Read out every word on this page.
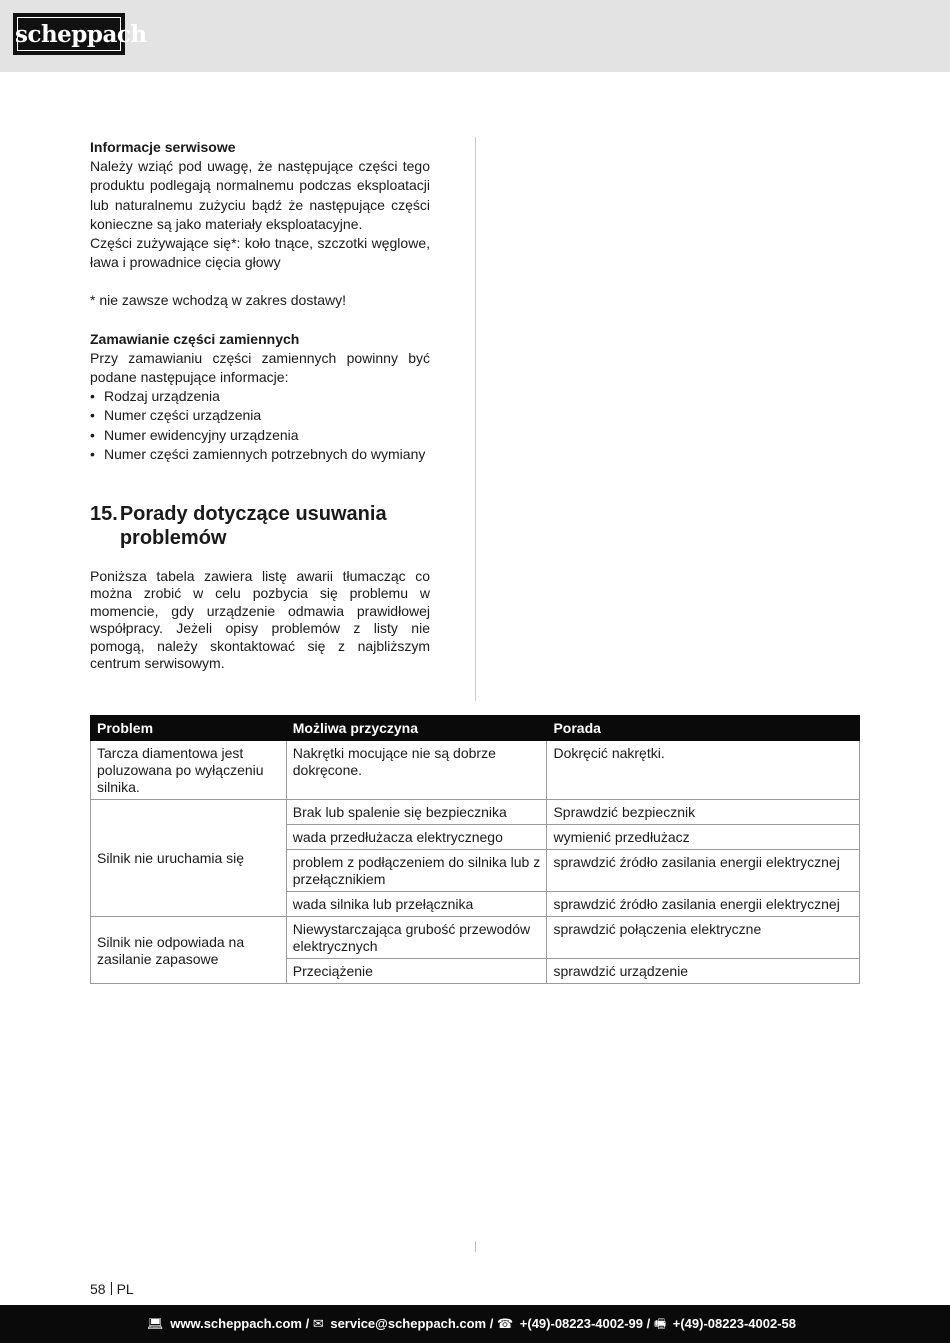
scheppach

Informacje serwisowe

Należy wziąć pod uwagę, że następujące części tego produktu podlegają normalnemu podczas eksploatacji lub naturalnemu zużyciu bądź że następujące części konieczne są jako materiały eksploatacyjne.

Części zużywające się*: koło tnące, szczotki węglowe, ława i prowadnice cięcia głowy

* nie zawsze wchodzą w zakres dostawy!

Zamawianie części zamiennych

Przy zamawianiu części zamiennych powinny być podane następujące informacje:

• Rodzaj urządzenia
• Numer części urządzenia
• Numer ewidencyjny urządzenia
• Numer części zamiennych potrzebnych do wymiany
15. Porady dotyczące usuwania problemów

Poniższa tabela zawiera listę awarii tłumacząc co można zrobić w celu pozbycia się problemu w momencie, gdy urządzenie odmawia prawidłowej współpracy. Jeżeli opisy problemów z listy nie pomogą, należy skontaktować się z najbliższym centrum serwisowym.

Problem	Możliwa przyczyna	Porada
Tarcza diamentowa jest poluzowana po wyłączeniu silnika.	Nakrętki mocujące nie są dobrze dokręcone.	Dokręcić nakrętki.
Silnik nie uruchamia się	Brak lub spalenie się bezpiecznika	Sprawdzić bezpiecznik
	wada przedłużacza elektrycznego	wymienić przedłużacz
	problem z podłączeniem do silnika lub z przełącznikiem	sprawdzić źródło zasilania energii elektrycznej
	wada silnika lub przełącznika	sprawdzić źródło zasilania energii elektrycznej
Silnik nie odpowiada na zasilanie zapasowe	Niewystarczająca grubość przewodów elektrycznych	sprawdzić połączenia elektryczne
	Przeciążenie	sprawdzić urządzenie
58 PL
💻︎ www.scheppach.com / ✉ service@scheppach.com / ☎ +(49)-08223-4002-99 / 🖷︎ +(49)-08223-4002-58
